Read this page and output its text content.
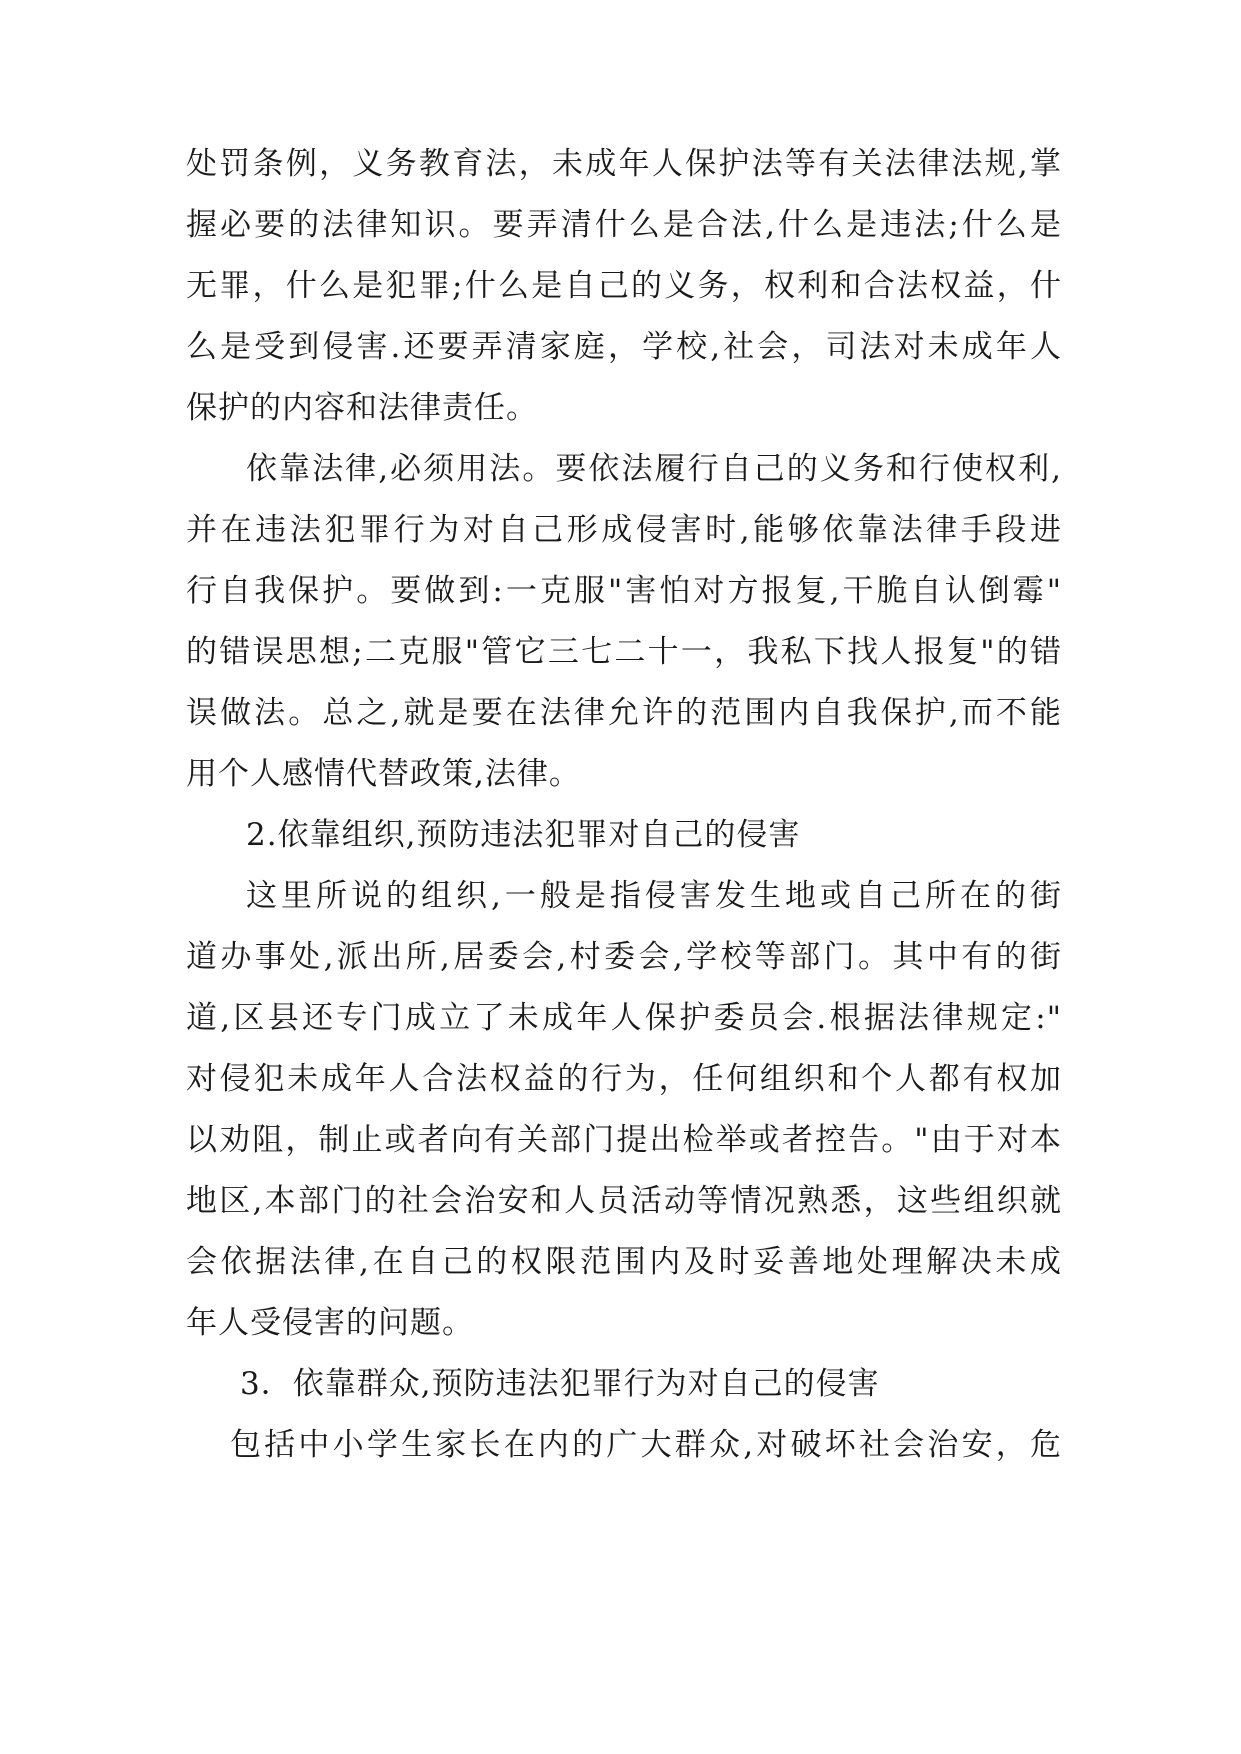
处罚条例，义务教育法，未成年人保护法等有关法律法规,掌
握必要的法律知识。要弄清什么是合法,什么是违法;什么是
无罪，什么是犯罪;什么是自己的义务，权利和合法权益，什
么是受到侵害.还要弄清家庭，学校,社会，司法对未成年人
保护的内容和法律责任。
依靠法律,必须用法。要依法履行自己的义务和行使权利,
并在违法犯罪行为对自己形成侵害时,能够依靠法律手段进
行自我保护。要做到:一克服"害怕对方报复,干脆自认倒霉"
的错误思想;二克服"管它三七二十一，我私下找人报复"的错
误做法。总之,就是要在法律允许的范围内自我保护,而不能
用个人感情代替政策,法律。
2.依靠组织,预防违法犯罪对自己的侵害
这里所说的组织,一般是指侵害发生地或自己所在的街
道办事处,派出所,居委会,村委会,学校等部门。其中有的街
道,区县还专门成立了未成年人保护委员会.根据法律规定:"
对侵犯未成年人合法权益的行为，任何组织和个人都有权加
以劝阻，制止或者向有关部门提出检举或者控告。"由于对本
地区,本部门的社会治安和人员活动等情况熟悉，这些组织就
会依据法律,在自己的权限范围内及时妥善地处理解决未成
年人受侵害的问题。
3．依靠群众,预防违法犯罪行为对自己的侵害
包括中小学生家长在内的广大群众,对破坏社会治安，危
